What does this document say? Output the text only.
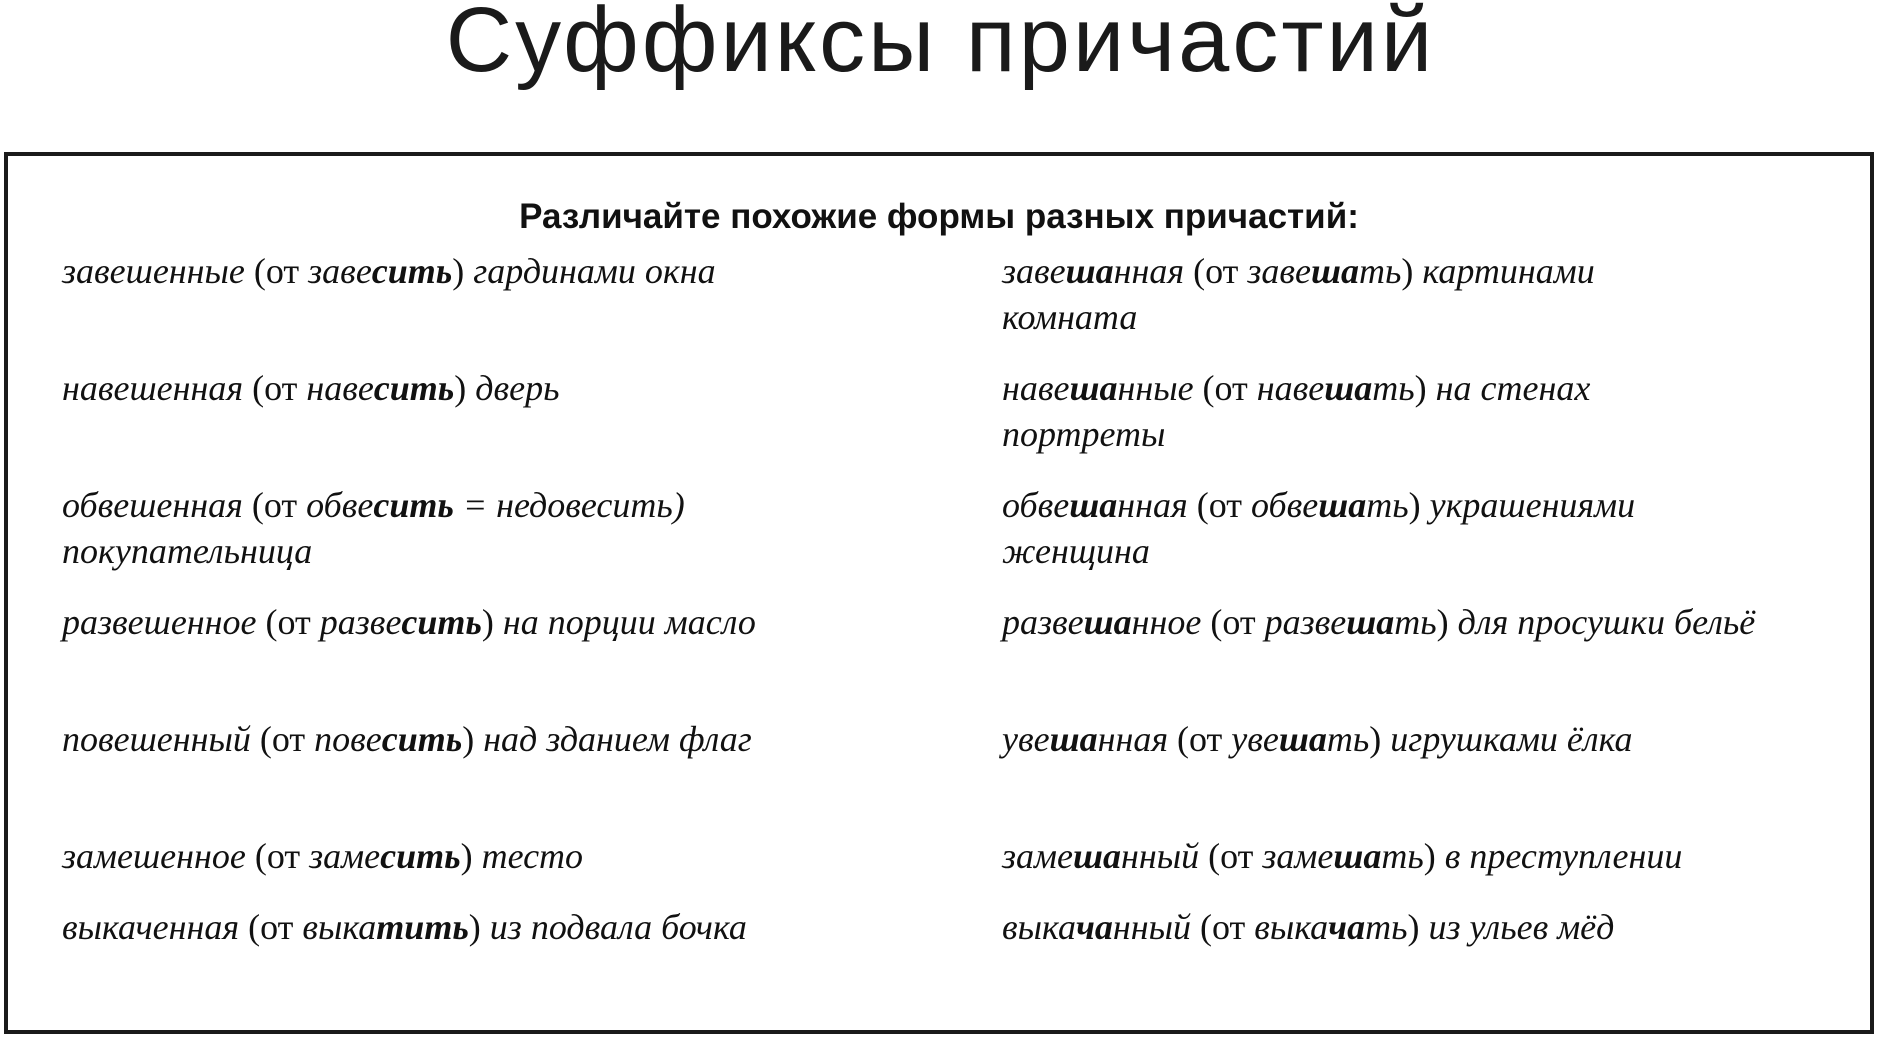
Суффиксы причастий
Различайте похожие формы разных причастий:
завешенные (от завесить) гардинами окна
навешенная (от навесить) дверь
обвешенная (от обвесить = недовесить) покупательница
развешенное (от развесить) на порции масло
повешенный (от повесить) над зданием флаг
замешенное (от замесить) тесто
выкаченная (от выкатить) из подвала бочка
завешанная (от завешать) картинами комната
навешанные (от навешать) на стенах портреты
обвешанная (от обвешать) украшениями женщина
развешанное (от развешать) для просушки бельё
увешанная (от увешать) игрушками ёлка
замешанный (от замешать) в преступлении
выкачанный (от выкачать) из ульев мёд
